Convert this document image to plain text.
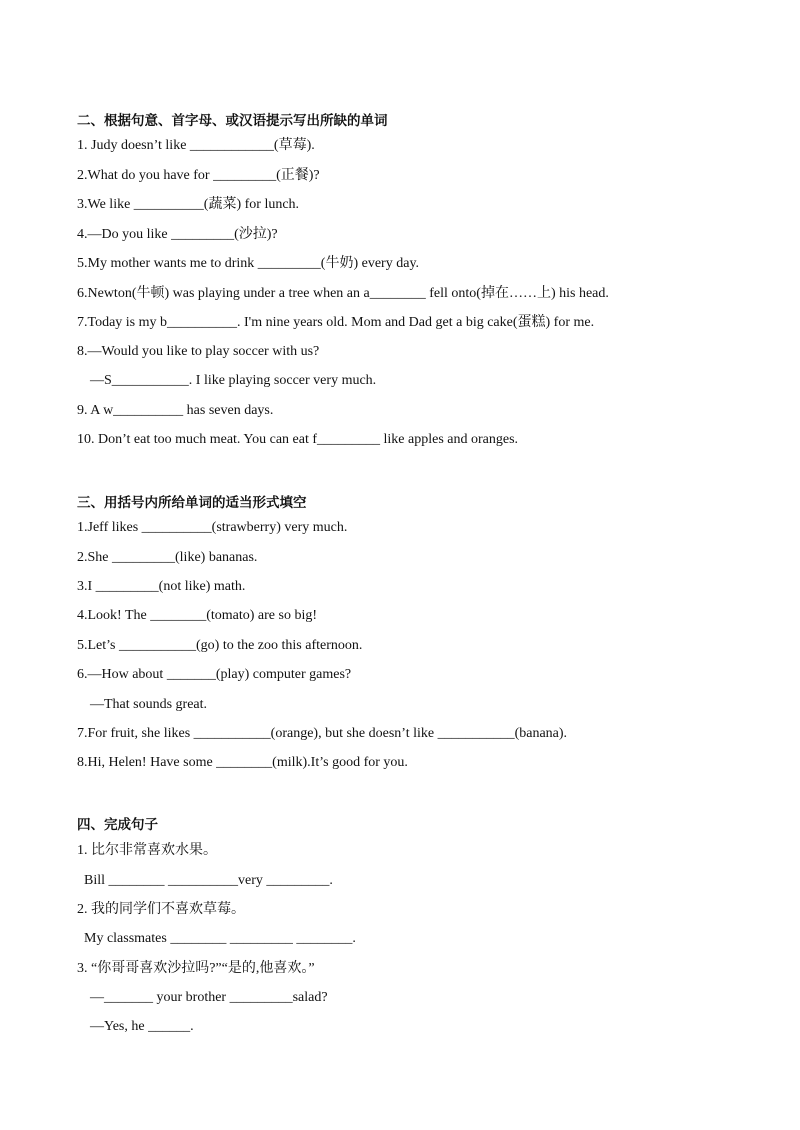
二、根据句意、首字母、或汉语提示写出所缺的单词
1. Judy doesn’t like ____________(草莓).
2.What do you have for _________(正餐)?
3.We like __________(蔬菜) for lunch.
4.—Do you like _________(沙拉)?
5.My mother wants me to drink _________(牛奶) every day.
6.Newton(牛顿) was playing under a tree when an a________ fell onto(掉在……上) his head.
7.Today is my b__________. I'm nine years old. Mom and Dad get a big cake(蛋糕) for me.
8.—Would you like to play soccer with us?
—S___________. I like playing soccer very much.
9. A w__________ has seven days.
10. Don’t eat too much meat. You can eat f_________ like apples and oranges.
三、用括号内所给单词的适当形式填空
1.Jeff likes __________(strawberry) very much.
2.She _________(like) bananas.
3.I _________(not like) math.
4.Look! The ________(tomato) are so big!
5.Let’s ___________(go) to the zoo this afternoon.
6.—How about _______(play) computer games?
—That sounds great.
7.For fruit, she likes ___________(orange), but she doesn’t like ___________(banana).
8.Hi, Helen! Have some ________(milk).It’s good for you.
四、完成句子
1. 比尔非常喜欢水果。
Bill ________ __________very _________.
2. 我的同学们不喜欢草莓。
My classmates ________ _________ ________.
3. “你哥哥喜欢沙拉吗?”“是的,他喜欢。”
—_______ your brother _________salad?
—Yes, he ______.
